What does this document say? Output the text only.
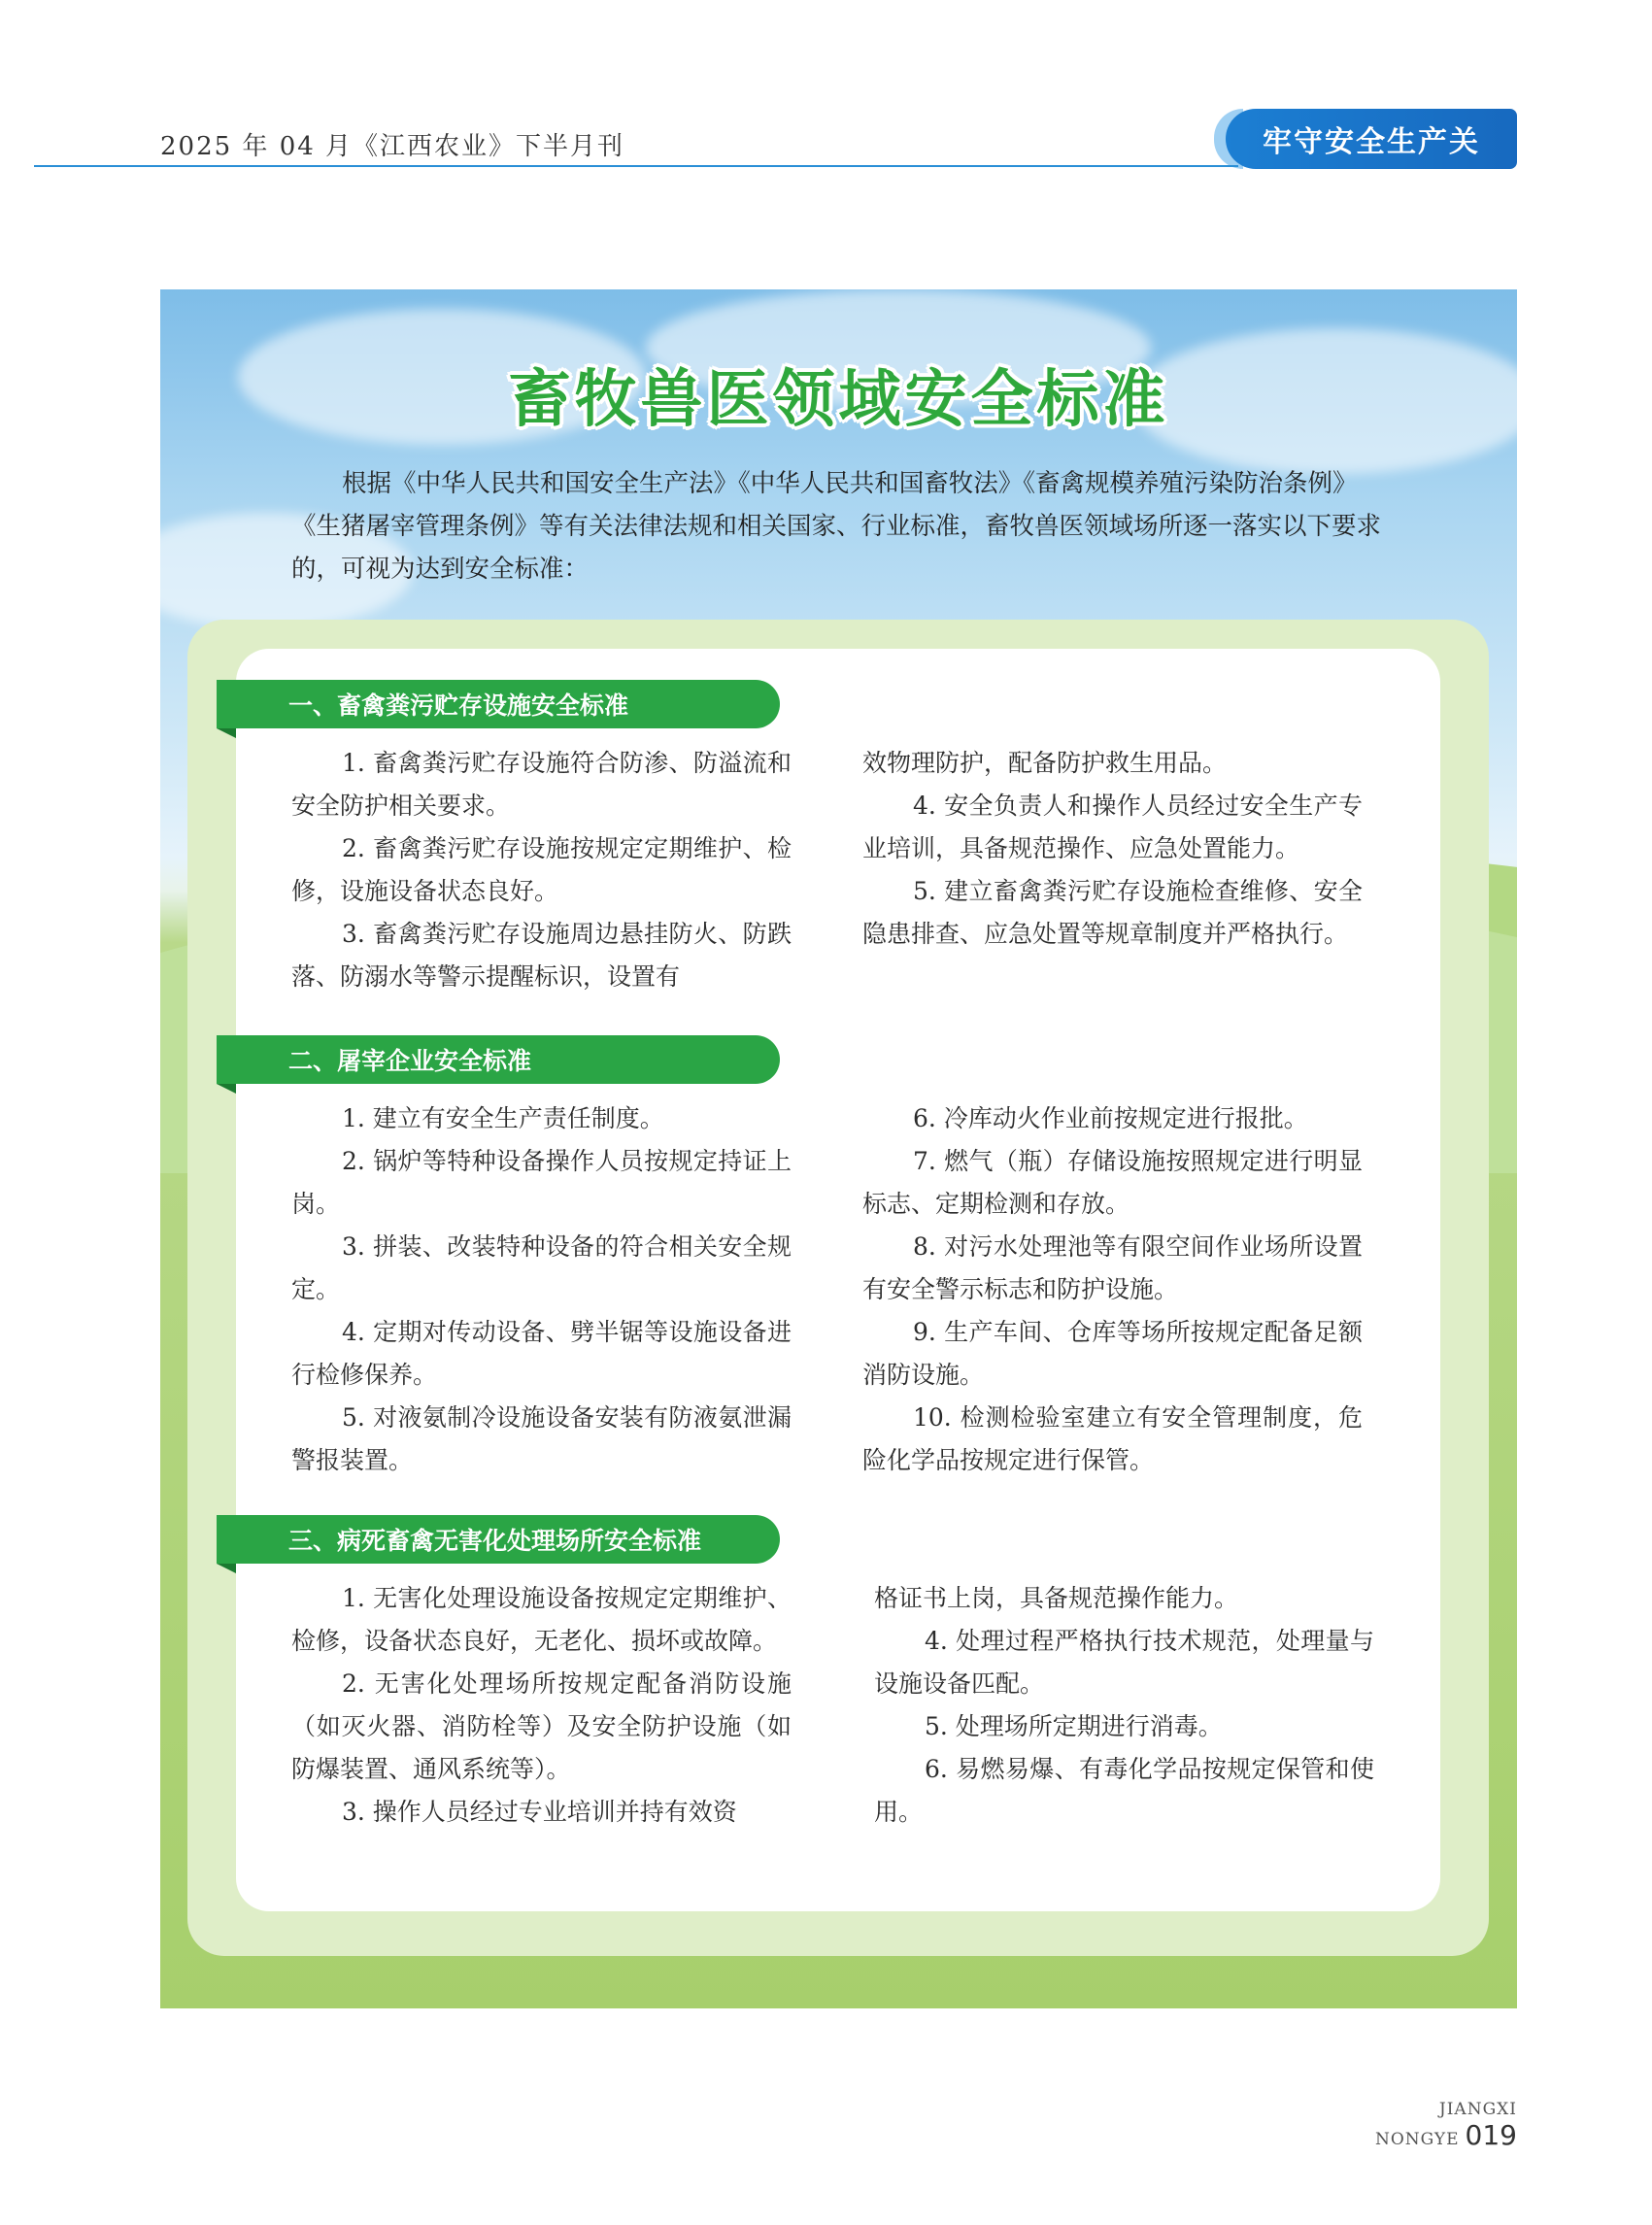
2025 年 04 月《江西农业》下半月刊	牢守安全生产关
畜牧兽医领域安全标准
根据《中华人民共和国安全生产法》《中华人民共和国畜牧法》《畜禽规模养殖污染防治条例》《生猪屠宰管理条例》等有关法律法规和相关国家、行业标准，畜牧兽医领域场所逐一落实以下要求的，可视为达到安全标准：
一、畜禽粪污贮存设施安全标准

1. 畜禽粪污贮存设施符合防渗、防溢流和安全防护相关要求。

2. 畜禽粪污贮存设施按规定定期维护、检修，设施设备状态良好。

3. 畜禽粪污贮存设施周边悬挂防火、防跌落、防溺水等警示提醒标识，设置有

效物理防护，配备防护救生用品。

4. 安全负责人和操作人员经过安全生产专业培训，具备规范操作、应急处置能力。

5. 建立畜禽粪污贮存设施检查维修、安全隐患排查、应急处置等规章制度并严格执行。

二、屠宰企业安全标准

1. 建立有安全生产责任制度。

2. 锅炉等特种设备操作人员按规定持证上岗。

3. 拼装、改装特种设备的符合相关安全规定。

4. 定期对传动设备、劈半锯等设施设备进行检修保养。

5. 对液氨制冷设施设备安装有防液氨泄漏警报装置。

6. 冷库动火作业前按规定进行报批。

7. 燃气（瓶）存储设施按照规定进行明显标志、定期检测和存放。

8. 对污水处理池等有限空间作业场所设置有安全警示标志和防护设施。

9. 生产车间、仓库等场所按规定配备足额消防设施。

10. 检测检验室建立有安全管理制度，危险化学品按规定进行保管。

三、病死畜禽无害化处理场所安全标准

1. 无害化处理设施设备按规定定期维护、检修，设备状态良好，无老化、损坏或故障。

2. 无害化处理场所按规定配备消防设施（如灭火器、消防栓等）及安全防护设施（如防爆装置、通风系统等）。

3. 操作人员经过专业培训并持有效资

格证书上岗，具备规范操作能力。

4. 处理过程严格执行技术规范，处理量与设施设备匹配。

5. 处理场所定期进行消毒。

6. 易燃易爆、有毒化学品按规定保管和使用。

JIANGXI NONGYE 019
